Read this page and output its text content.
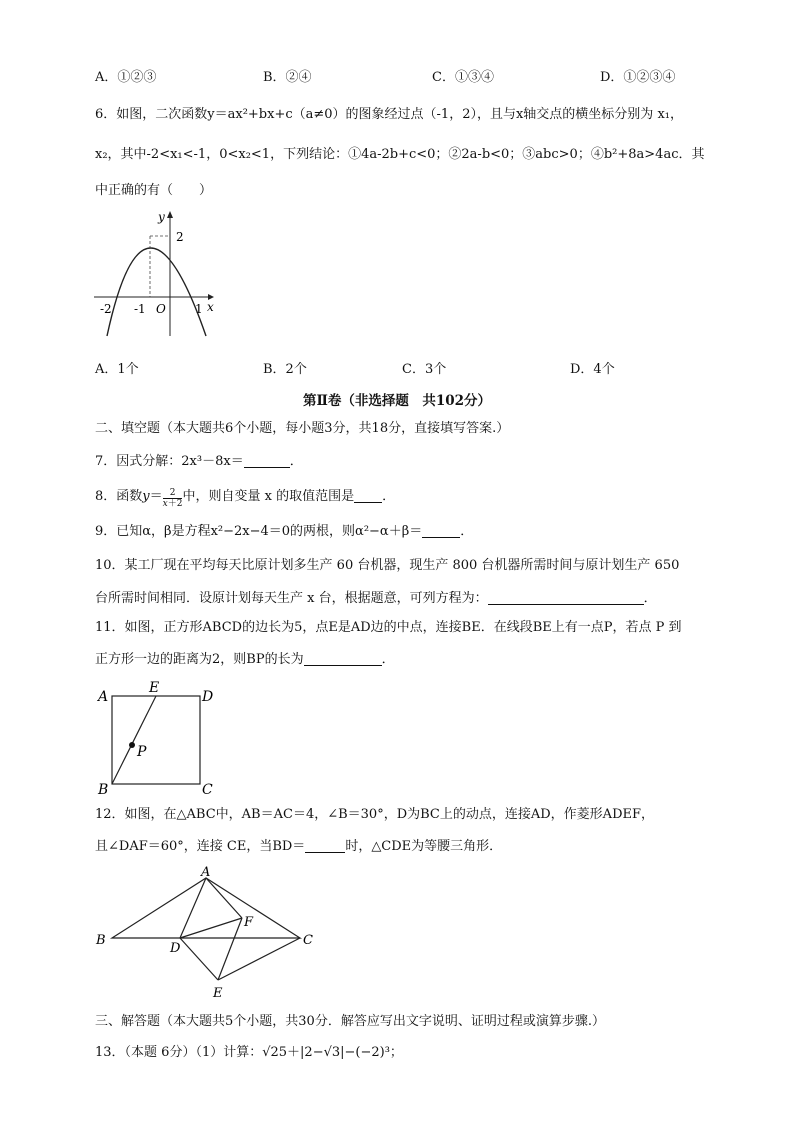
A．①②③	B．②④	C．①③④	D．①②③④
6．如图，二次函数y＝ax²+bx+c（a≠0）的图象经过点（-1，2），且与x轴交点的横坐标分别为 x₁，
x₂，其中-2<x₁<-1，0<x₂<1，下列结论：①4a-2b+c<0；②2a-b<0；③abc>0；④b²+8a>4ac．其
中正确的有（　　）
y
2
x
-2 -1 O 1
A．1个	B．2个	C．3个	D．4个
第Ⅱ卷（非选择题　共102分）
二、填空题（本大题共6个小题，每小题3分，共18分，直接填写答案.）
7．因式分解：2x³－8x＝	．
8．函数$y= \frac{2}{x+2}$ 中，则自变量 x 的取值范围是 ．
9．已知α，β是方程x²−2x−4＝0的两根，则α²−α＋β＝	．
10．某工厂现在平均每天比原计划多生产 60 台机器，现生产 800 台机器所需时间与原计划生产 650
台所需时间相同．设原计划每天生产 x 台，根据题意，可列方程为：	．
11．如图，正方形ABCD的边长为5，点E是AD边的中点，连接BE．在线段BE上有一点P，若点 P 到
正方形一边的距离为2，则BP的长为	．
A
E
D
P
B	C
12．如图，在△ABC中，AB＝AC＝4，∠B＝30°，D为BC上的动点，连接AD，作菱形ADEF，
且∠DAF＝60°，连接 CE，当BD＝	时，△CDE为等腰三角形．
A
B	C
D
F
E
三、解答题（本大题共5个小题，共30分．解答应写出文字说明、证明过程或演算步骤.）
13．（本题 6分）（1）计算：√25＋|2−√3|−(−2)³；
